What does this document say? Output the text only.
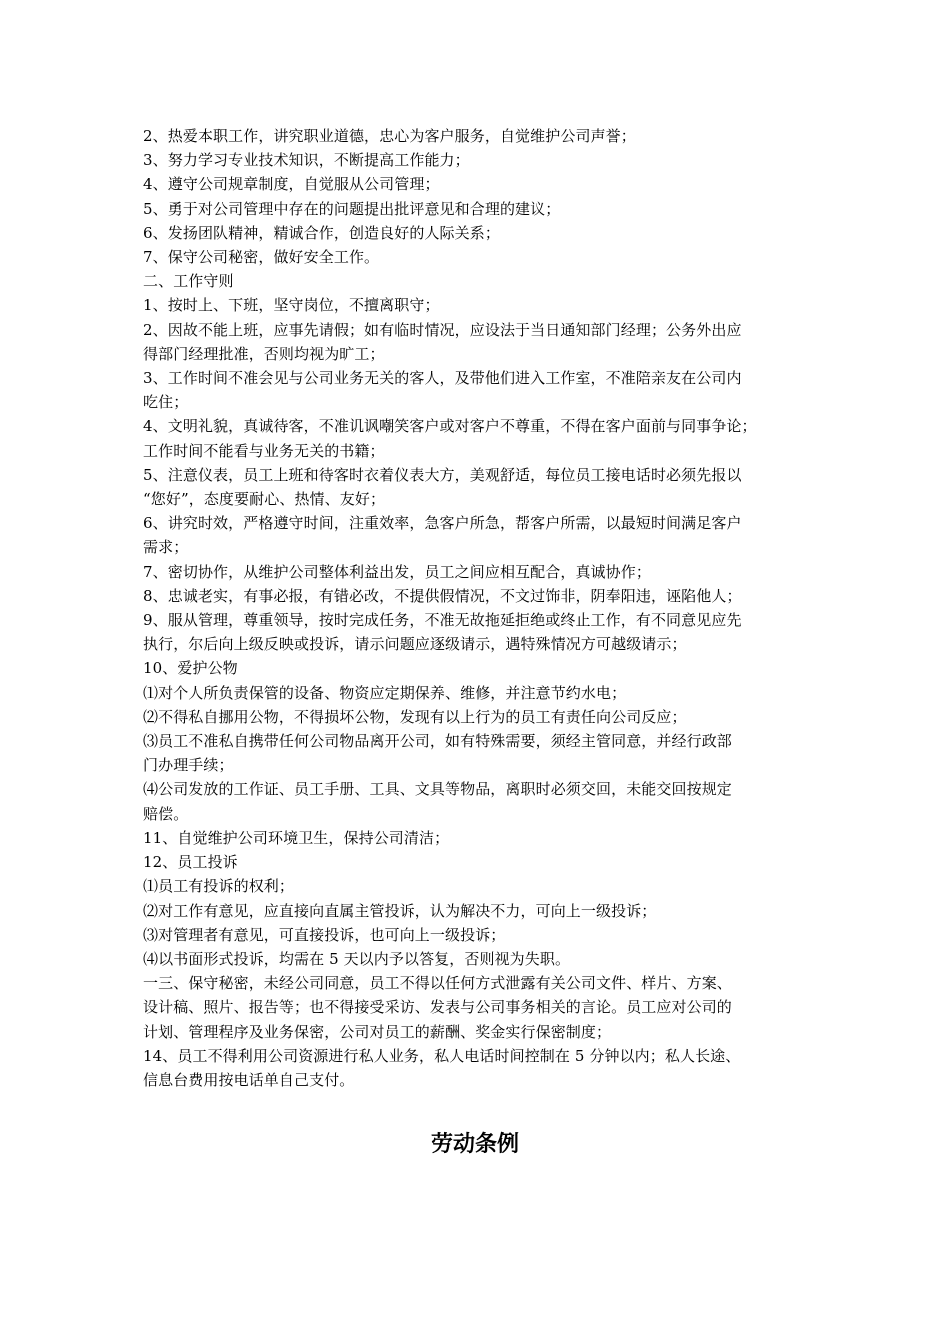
2、热爱本职工作，讲究职业道德，忠心为客户服务，自觉维护公司声誉；
3、努力学习专业技术知识，不断提高工作能力；
4、遵守公司规章制度，自觉服从公司管理；
5、勇于对公司管理中存在的问题提出批评意见和合理的建议；
6、发扬团队精神，精诚合作，创造良好的人际关系；
7、保守公司秘密，做好安全工作。
二、工作守则
1、按时上、下班，坚守岗位，不擅离职守；
2、因故不能上班，应事先请假；如有临时情况，应设法于当日通知部门经理；公务外出应
得部门经理批准，否则均视为旷工；
3、工作时间不准会见与公司业务无关的客人，及带他们进入工作室，不准陪亲友在公司内
吃住；
4、文明礼貌，真诚待客，不准讥讽嘲笑客户或对客户不尊重，不得在客户面前与同事争论；
工作时间不能看与业务无关的书籍；
5、注意仪表，员工上班和待客时衣着仪表大方，美观舒适，每位员工接电话时必须先报以
“您好”，态度要耐心、热情、友好；
6、讲究时效，严格遵守时间，注重效率，急客户所急，帮客户所需，以最短时间满足客户
需求；
7、密切协作，从维护公司整体利益出发，员工之间应相互配合，真诚协作；
8、忠诚老实，有事必报，有错必改，不提供假情况，不文过饰非，阴奉阳违，诬陷他人；
9、服从管理，尊重领导，按时完成任务，不准无故拖延拒绝或终止工作，有不同意见应先
执行，尔后向上级反映或投诉，请示问题应逐级请示，遇特殊情况方可越级请示；
10、爱护公物
⑴对个人所负责保管的设备、物资应定期保养、维修，并注意节约水电；
⑵不得私自挪用公物，不得损坏公物，发现有以上行为的员工有责任向公司反应；
⑶员工不准私自携带任何公司物品离开公司，如有特殊需要，须经主管同意，并经行政部
门办理手续；
⑷公司发放的工作证、员工手册、工具、文具等物品，离职时必须交回，未能交回按规定
赔偿。
11、自觉维护公司环境卫生，保持公司清洁；
12、员工投诉
⑴员工有投诉的权利；
⑵对工作有意见，应直接向直属主管投诉，认为解决不力，可向上一级投诉；
⑶对管理者有意见，可直接投诉，也可向上一级投诉；
⑷以书面形式投诉，均需在 5 天以内予以答复，否则视为失职。
一三、保守秘密，未经公司同意，员工不得以任何方式泄露有关公司文件、样片、方案、
设计稿、照片、报告等；也不得接受采访、发表与公司事务相关的言论。员工应对公司的
计划、管理程序及业务保密，公司对员工的薪酬、奖金实行保密制度；
14、员工不得利用公司资源进行私人业务，私人电话时间控制在 5 分钟以内；私人长途、
信息台费用按电话单自己支付。
劳动条例
